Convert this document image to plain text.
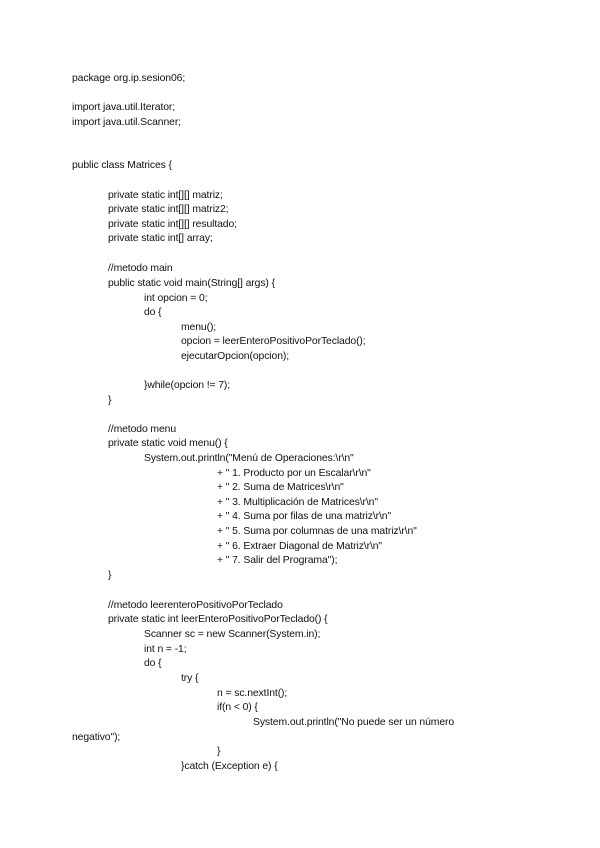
package org.ip.sesion06;
import java.util.Iterator;
import java.util.Scanner;
public class Matrices {
private static int[][] matriz;
private static int[][] matriz2;
private static int[][] resultado;
private static int[] array;
//metodo main
public static void main(String[] args) {
int opcion = 0;
do {
menu();
opcion = leerEnteroPositivoPorTeclado();
ejecutarOpcion(opcion);
}while(opcion != 7);
}
//metodo menu
private static void menu() {
System.out.println("Menú de Operaciones:\r\n"
+ " 1. Producto por un Escalar\r\n"
+ " 2. Suma de Matrices\r\n"
+ " 3. Multiplicación de Matrices\r\n"
+ " 4. Suma por filas de una matriz\r\n"
+ " 5. Suma por columnas de una matriz\r\n"
+ " 6. Extraer Diagonal de Matriz\r\n"
+ " 7. Salir del Programa");
}
//metodo leerenteroPositivoPorTeclado
private static int leerEnteroPositivoPorTeclado() {
Scanner sc = new Scanner(System.in);
int n = -1;
do {
try {
n = sc.nextInt();
if(n < 0) {
System.out.println("No puede ser un número
negativo");
}
}catch (Exception e) {
